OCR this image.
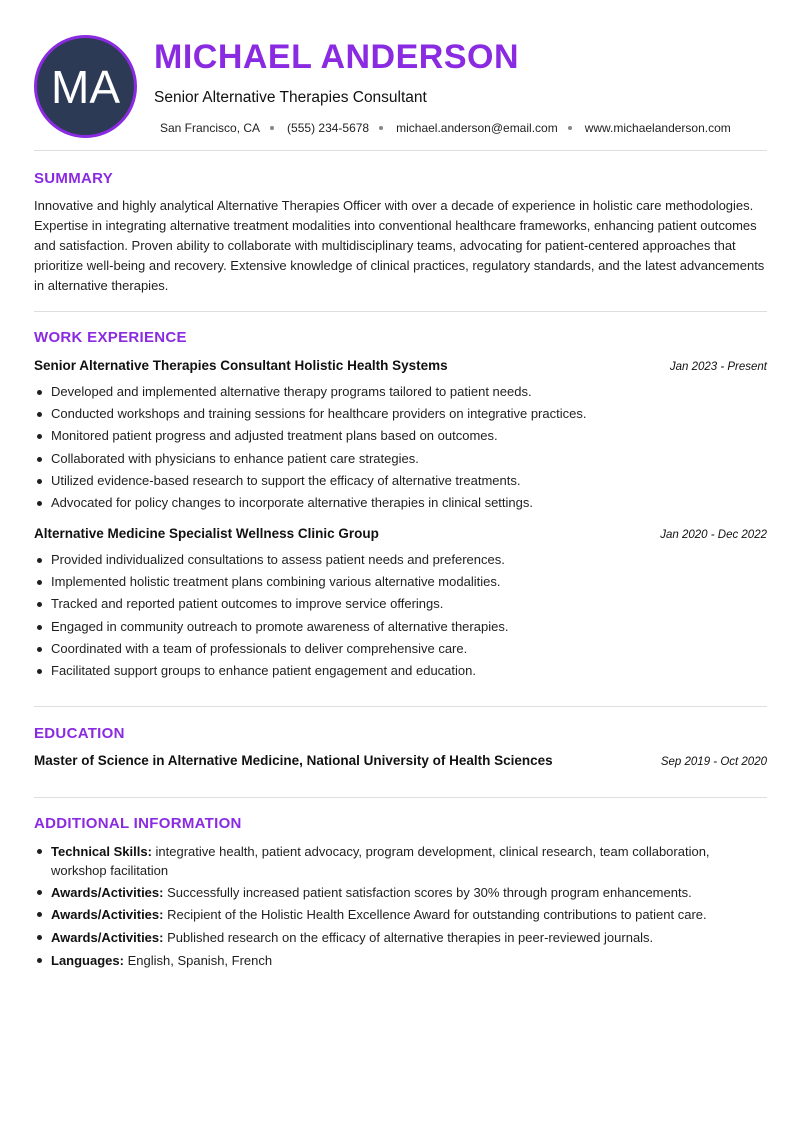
MA
MICHAEL ANDERSON
Senior Alternative Therapies Consultant
San Francisco, CA (555) 234-5678 michael.anderson@email.com www.michaelanderson.com
SUMMARY
Innovative and highly analytical Alternative Therapies Officer with over a decade of experience in holistic care methodologies. Expertise in integrating alternative treatment modalities into conventional healthcare frameworks, enhancing patient outcomes and satisfaction. Proven ability to collaborate with multidisciplinary teams, advocating for patient-centered approaches that prioritize well-being and recovery. Extensive knowledge of clinical practices, regulatory standards, and the latest advancements in alternative therapies.
WORK EXPERIENCE
Senior Alternative Therapies Consultant Holistic Health Systems	Jan 2023 - Present
Developed and implemented alternative therapy programs tailored to patient needs.
Conducted workshops and training sessions for healthcare providers on integrative practices.
Monitored patient progress and adjusted treatment plans based on outcomes.
Collaborated with physicians to enhance patient care strategies.
Utilized evidence-based research to support the efficacy of alternative treatments.
Advocated for policy changes to incorporate alternative therapies in clinical settings.
Alternative Medicine Specialist Wellness Clinic Group	Jan 2020 - Dec 2022
Provided individualized consultations to assess patient needs and preferences.
Implemented holistic treatment plans combining various alternative modalities.
Tracked and reported patient outcomes to improve service offerings.
Engaged in community outreach to promote awareness of alternative therapies.
Coordinated with a team of professionals to deliver comprehensive care.
Facilitated support groups to enhance patient engagement and education.
EDUCATION
Master of Science in Alternative Medicine, National University of Health Sciences	Sep 2019 - Oct 2020
ADDITIONAL INFORMATION
Technical Skills: integrative health, patient advocacy, program development, clinical research, team collaboration, workshop facilitation
Awards/Activities: Successfully increased patient satisfaction scores by 30% through program enhancements.
Awards/Activities: Recipient of the Holistic Health Excellence Award for outstanding contributions to patient care.
Awards/Activities: Published research on the efficacy of alternative therapies in peer-reviewed journals.
Languages: English, Spanish, French
